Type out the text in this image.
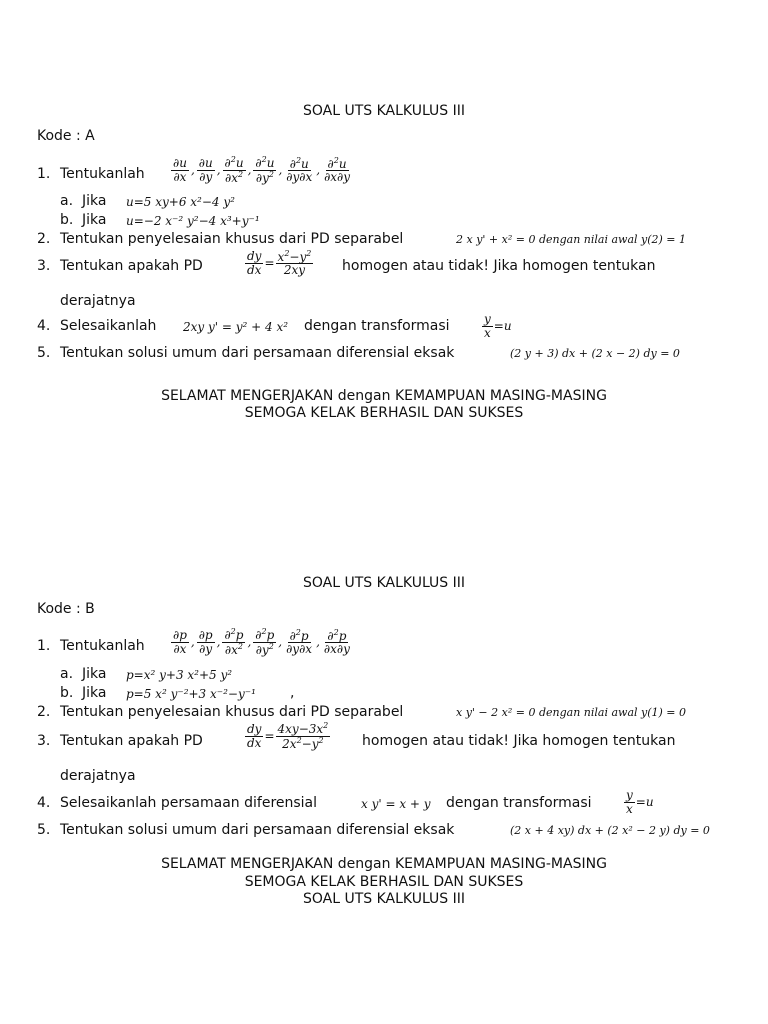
SOAL UTS KALKULUS III
Kode : A
1. Tentukanlah $\frac{\partial u}{\partial x}$ , $\frac{\partial u}{\partial y}$ , $\frac{\partial^2u}{\partial x^2}$ , $\frac{\partial^2u}{\partial y^2}$ , $\frac{\partial^2u}{\partial y\partial x}$ , $\frac{\partial^2u}{\partial x\partial y}$
a. Jika u=5 xy+6 x²−4 y²
b. Jika u=−2 x⁻² y²−4 x³+y⁻¹
2. Tentukan penyelesaian khusus dari PD separabel	2 x y' + x² = 0 dengan nilai awal y(2) = 1
3. Tentukan apakah PD	$\frac{dy}{dx} = \frac{x^2-y^2}{2xy}$ homogen atau tidak! Jika homogen tentukan
derajatnya
4. Selesaikanlah 2xy y' = y² + 4 x² dengan transformasi	$\frac{y}{x} =u$
5. Tentukan solusi umum dari persamaan diferensial eksak	(2 y + 3) dx + (2 x − 2) dy = 0
SELAMAT MENGERJAKAN dengan KEMAMPUAN MASING-MASING
SEMOGA KELAK BERHASIL DAN SUKSES
SOAL UTS KALKULUS III
Kode : B
1. Tentukanlah $\frac{\partial p}{\partial x}$ , $\frac{\partial p}{\partial y}$ , $\frac{\partial^2p}{\partial x^2}$ , $\frac{\partial^2p}{\partial y^2}$ , $\frac{\partial^2p}{\partial y\partial x}$ , $\frac{\partial^2p}{\partial x\partial y}$
a. Jika p=x² y+3 x²+5 y²
b. Jika p=5 x² y⁻²+3 x⁻²−y⁻¹ ,
2. Tentukan penyelesaian khusus dari PD separabel	x y' − 2 x² = 0 dengan nilai awal y(1) = 0
3. Tentukan apakah PD	$\frac{dy}{dx} = \frac{4xy-3x^2}{2x^2-y^2}$ homogen atau tidak! Jika homogen tentukan
derajatnya
4. Selesaikanlah persamaan diferensial	x y' = x + y dengan transformasi	$\frac{y}{x} =u$
5. Tentukan solusi umum dari persamaan diferensial eksak	(2 x + 4 xy) dx + (2 x² − 2 y) dy = 0
SELAMAT MENGERJAKAN dengan KEMAMPUAN MASING-MASING
SEMOGA KELAK BERHASIL DAN SUKSES
SOAL UTS KALKULUS III
